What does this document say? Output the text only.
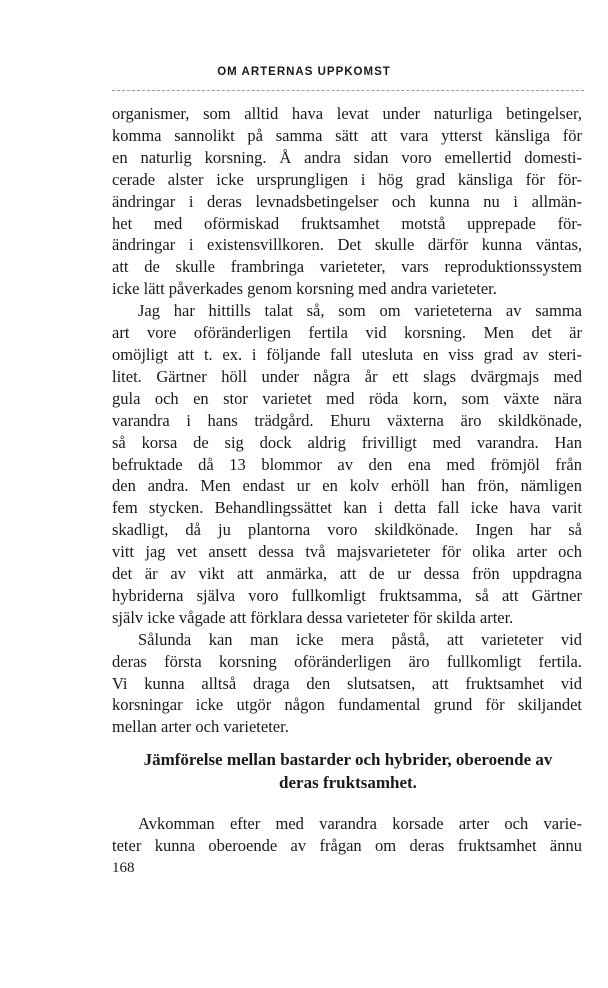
OM ARTERNAS UPPKOMST
organismer, som alltid hava levat under naturliga betingelser,
komma sannolikt på samma sätt att vara ytterst känsliga för
en naturlig korsning. Å andra sidan voro emellertid domesti-
cerade alster icke ursprungligen i hög grad känsliga för för-
ändringar i deras levnadsbetingelser och kunna nu i allmän-
het med oförmiskad fruktsamhet motstå upprepade för-
ändringar i existensvillkoren. Det skulle därför kunna väntas,
att de skulle frambringa varieteter, vars reproduktionssystem
icke lätt påverkades genom korsning med andra varieteter.
Jag har hittills talat så, som om varieteterna av samma
art vore oföränderligen fertila vid korsning. Men det är
omöjligt att t. ex. i följande fall utesluta en viss grad av steri-
litet. Gärtner höll under några år ett slags dvärgmajs med
gula och en stor varietet med röda korn, som växte nära
varandra i hans trädgård. Ehuru växterna äro skildkönade,
så korsa de sig dock aldrig frivilligt med varandra. Han
befruktade då 13 blommor av den ena med frömjöl från
den andra. Men endast ur en kolv erhöll han frön, nämligen
fem stycken. Behandlingssättet kan i detta fall icke hava varit
skadligt, då ju plantorna voro skildkönade. Ingen har så
vitt jag vet ansett dessa två majsvarieteter för olika arter och
det är av vikt att anmärka, att de ur dessa frön uppdragna
hybriderna själva voro fullkomligt fruktsamma, så att Gärtner
själv icke vågade att förklara dessa varieteter för skilda arter.
Sålunda kan man icke mera påstå, att varieteter vid
deras första korsning oföränderligen äro fullkomligt fertila.
Vi kunna alltså draga den slutsatsen, att fruktsamhet vid
korsningar icke utgör någon fundamental grund för skiljandet
mellan arter och varieteter.
Jämförelse mellan bastarder och hybrider, oberoende av
deras fruktsamhet.
Avkomman efter med varandra korsade arter och varie-
teter kunna oberoende av frågan om deras fruktsamhet ännu
168
